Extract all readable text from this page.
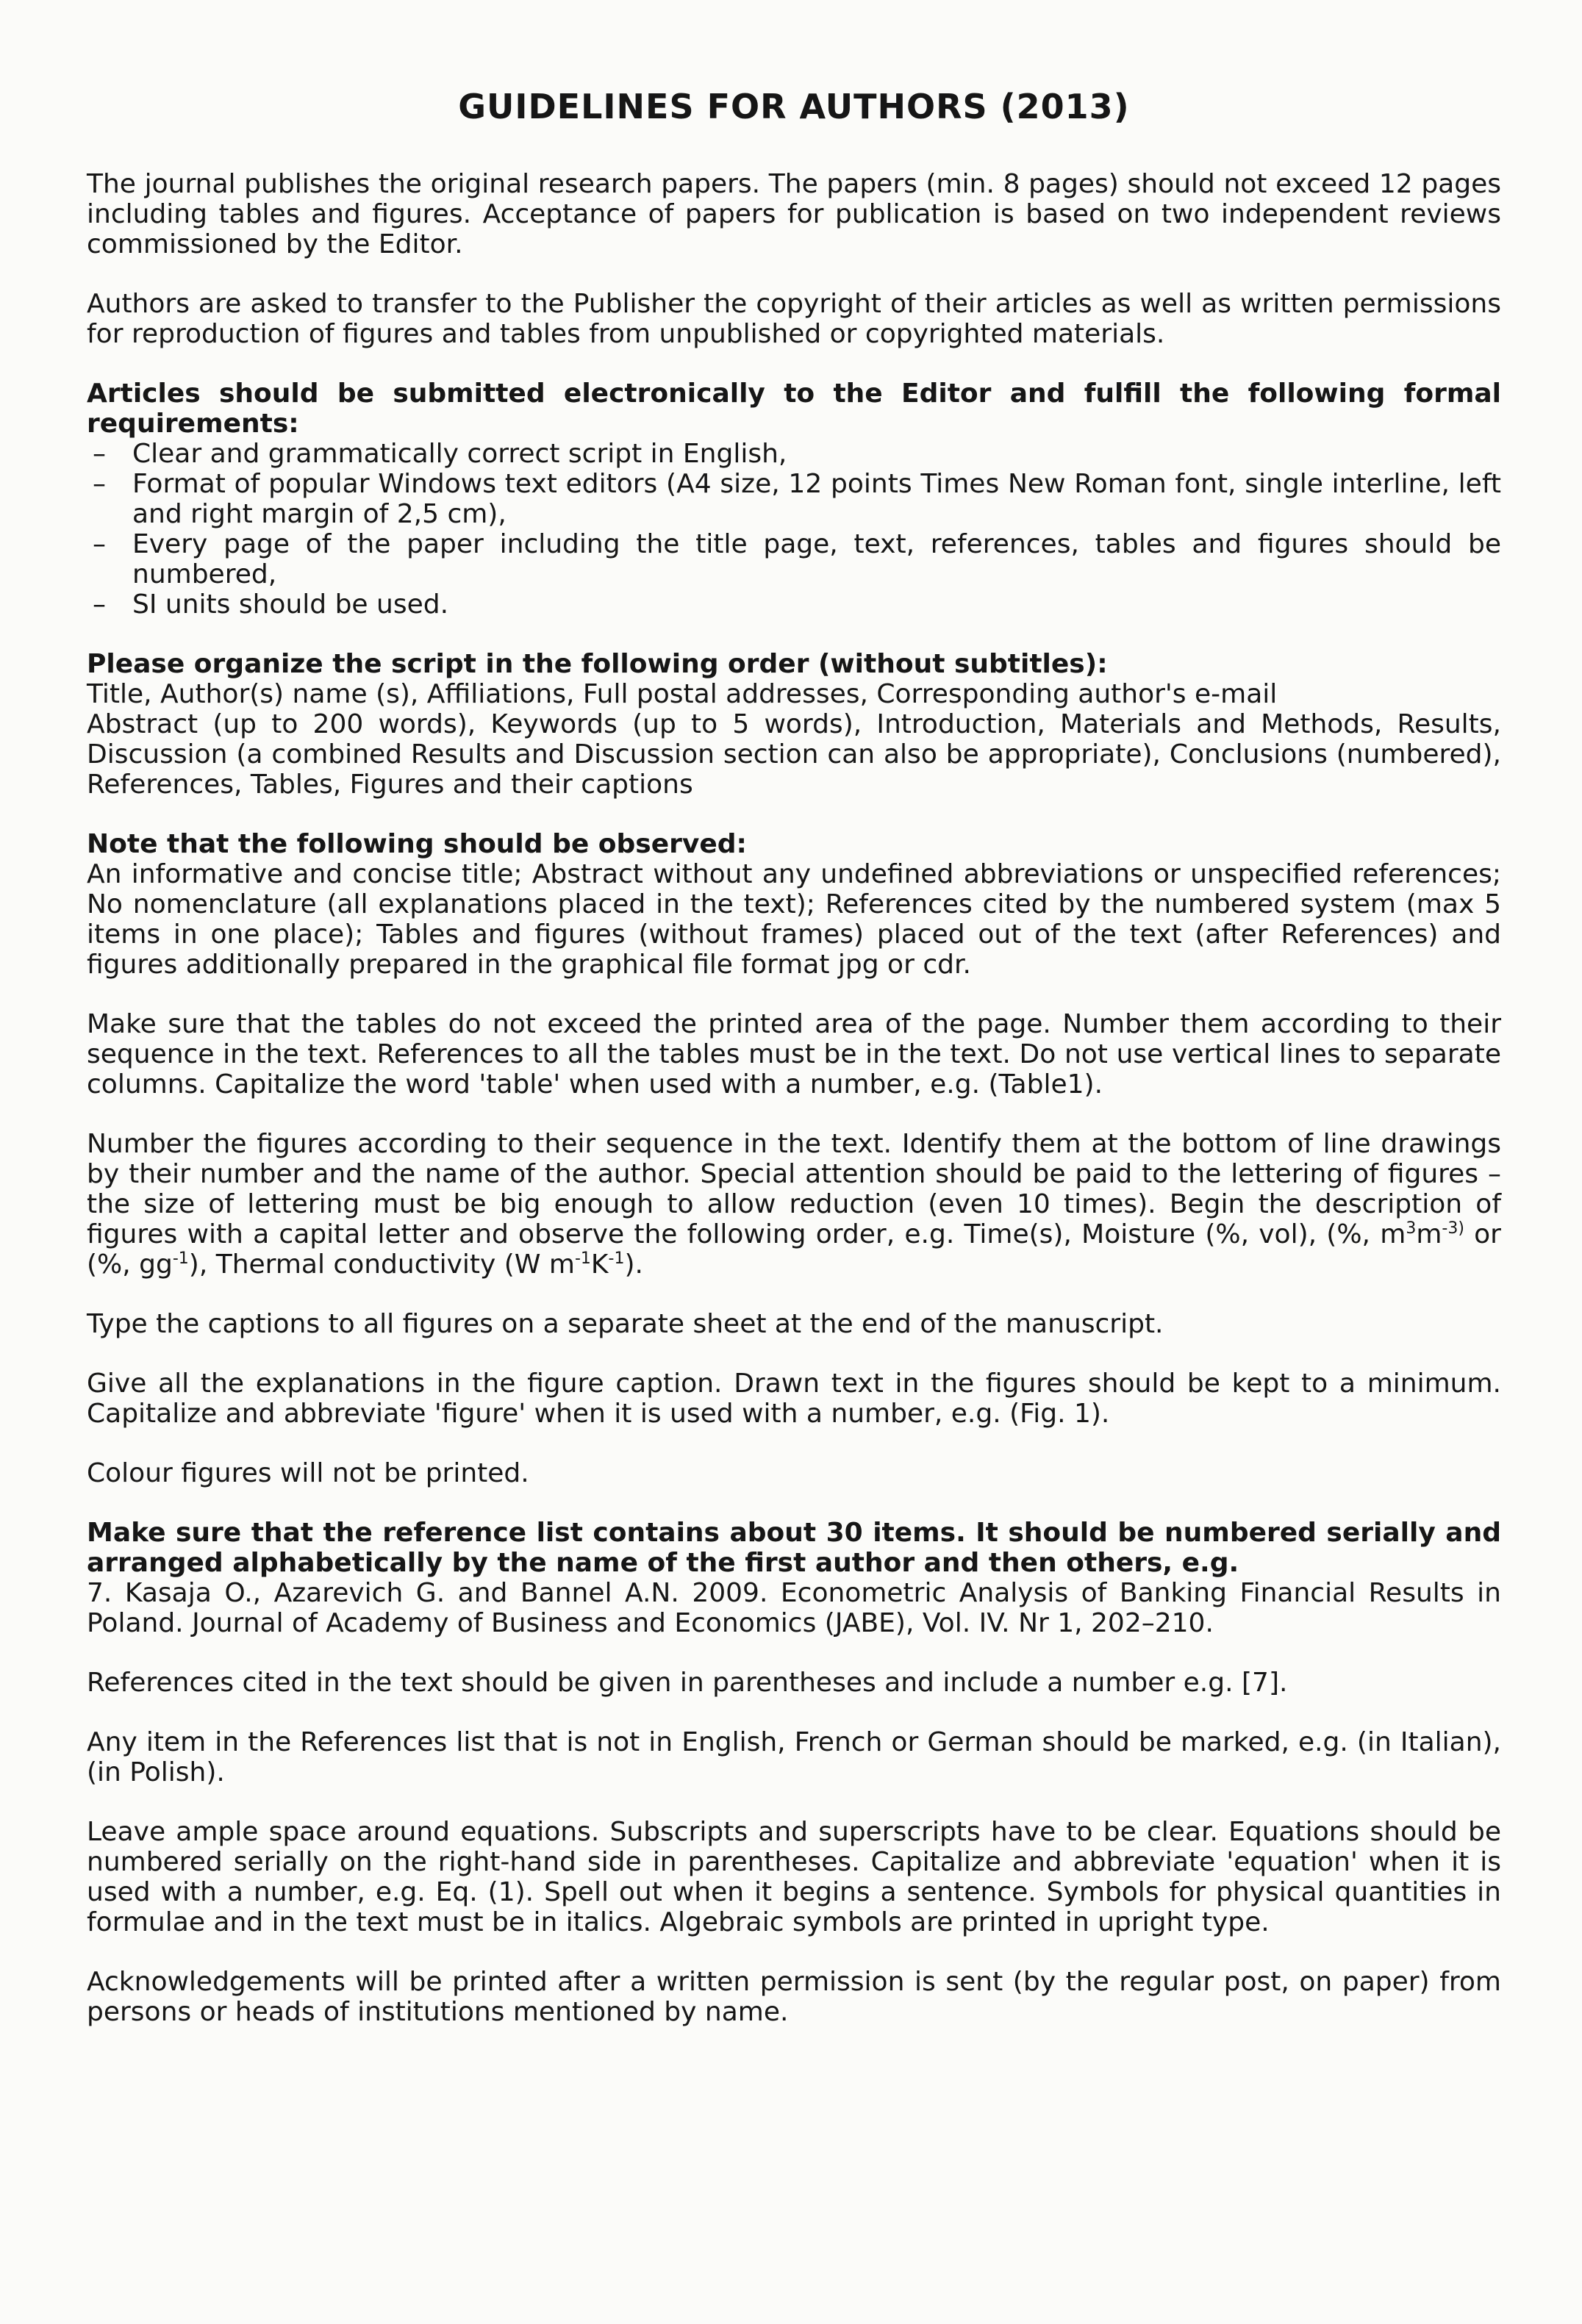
GUIDELINES FOR AUTHORS (2013)

The journal publishes the original research papers. The papers (min. 8 pages) should not exceed 12 pages including tables and figures. Acceptance of papers for publication is based on two independent reviews commissioned by the Editor.

Authors are asked to transfer to the Publisher the copyright of their articles as well as written permissions for reproduction of figures and tables from unpublished or copyrighted materials.

Articles should be submitted electronically to the Editor and fulfill the following formal requirements:
– Clear and grammatically correct script in English,
– Format of popular Windows text editors (A4 size, 12 points Times New Roman font, single interline, left and right margin of 2,5 cm),
– Every page of the paper including the title page, text, references, tables and figures should be numbered,
– SI units should be used.
Please organize the script in the following order (without subtitles):
Title, Author(s) name (s), Affiliations, Full postal addresses, Corresponding author's e-mail
Abstract (up to 200 words), Keywords (up to 5 words), Introduction, Materials and Methods, Results, Discussion (a combined Results and Discussion section can also be appropriate), Conclusions (numbered), References, Tables, Figures and their captions
Note that the following should be observed:
An informative and concise title; Abstract without any undefined abbreviations or unspecified references; No nomenclature (all explanations placed in the text); References cited by the numbered system (max 5 items in one place); Tables and figures (without frames) placed out of the text (after References) and figures additionally prepared in the graphical file format jpg or cdr.

Make sure that the tables do not exceed the printed area of the page. Number them according to their sequence in the text. References to all the tables must be in the text. Do not use vertical lines to separate columns. Capitalize the word 'table' when used with a number, e.g. (Table1).

Number the figures according to their sequence in the text. Identify them at the bottom of line drawings by their number and the name of the author. Special attention should be paid to the lettering of figures – the size of lettering must be big enough to allow reduction (even 10 times). Begin the description of figures with a capital letter and observe the following order, e.g. Time(s), Moisture (%, vol), (%, $m^3m^{-3)}$ or (%, $gg^{-1}$), Thermal conductivity (W $m^{-1}K^{-1}$).

Type the captions to all figures on a separate sheet at the end of the manuscript.

Give all the explanations in the figure caption. Drawn text in the figures should be kept to a minimum. Capitalize and abbreviate 'figure' when it is used with a number, e.g. (Fig. 1).

Colour figures will not be printed.

Make sure that the reference list contains about 30 items. It should be numbered serially and arranged alphabetically by the name of the first author and then others, e.g.
7. Kasaja O., Azarevich G. and Bannel A.N. 2009. Econometric Analysis of Banking Financial Results in Poland. Journal of Academy of Business and Economics (JABE), Vol. IV. Nr 1, 202–210.

References cited in the text should be given in parentheses and include a number e.g. [7].

Any item in the References list that is not in English, French or German should be marked, e.g. (in Italian), (in Polish).

Leave ample space around equations. Subscripts and superscripts have to be clear. Equations should be numbered serially on the right-hand side in parentheses. Capitalize and abbreviate 'equation' when it is used with a number, e.g. Eq. (1). Spell out when it begins a sentence. Symbols for physical quantities in formulae and in the text must be in italics. Algebraic symbols are printed in upright type.

Acknowledgements will be printed after a written permission is sent (by the regular post, on paper) from persons or heads of institutions mentioned by name.
